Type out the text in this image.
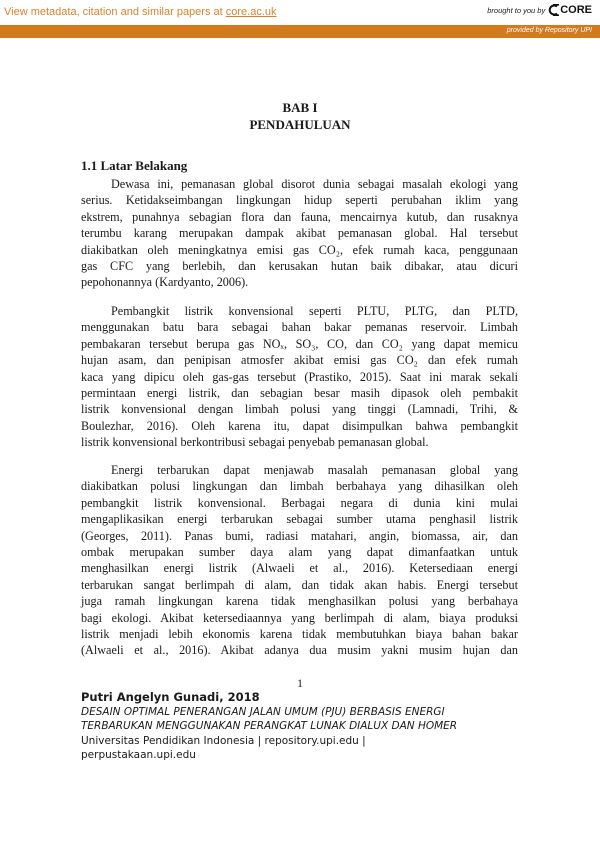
View metadata, citation and similar papers at core.ac.uk	brought to you by CORE
provided by Repository UPI
BAB I
PENDAHULUAN
1.1 Latar Belakang
Dewasa ini, pemanasan global disorot dunia sebagai masalah ekologi yang
serius. Ketidakseimbangan lingkungan hidup seperti perubahan iklim yang
ekstrem, punahnya sebagian flora dan fauna, mencairnya kutub, dan rusaknya
terumbu karang merupakan dampak akibat pemanasan global. Hal tersebut
diakibatkan oleh meningkatnya emisi gas CO₂, efek rumah kaca, penggunaan
gas CFC yang berlebih, dan kerusakan hutan baik dibakar, atau dicuri
pepohonannya (Kardyanto, 2006).
Pembangkit listrik konvensional seperti PLTU, PLTG, dan PLTD,
menggunakan batu bara sebagai bahan bakar pemanas reservoir. Limbah
pembakaran tersebut berupa gas NOₓ, SO₃, CO, dan CO₂ yang dapat memicu
hujan asam, dan penipisan atmosfer akibat emisi gas CO₂ dan efek rumah
kaca yang dipicu oleh gas-gas tersebut (Prastiko, 2015). Saat ini marak sekali
permintaan energi listrik, dan sebagian besar masih dipasok oleh pembakit
listrik konvensional dengan limbah polusi yang tinggi (Lamnadi, Trihi, &
Boulezhar, 2016). Oleh karena itu, dapat disimpulkan bahwa pembangkit
listrik konvensional berkontribusi sebagai penyebab pemanasan global.
Energi terbarukan dapat menjawab masalah pemanasan global yang
diakibatkan polusi lingkungan dan limbah berbahaya yang dihasilkan oleh
pembangkit listrik konvensional. Berbagai negara di dunia kini mulai
mengaplikasikan energi terbarukan sebagai sumber utama penghasil listrik
(Georges, 2011). Panas bumi, radiasi matahari, angin, biomassa, air, dan
ombak merupakan sumber daya alam yang dapat dimanfaatkan untuk
menghasilkan energi listrik (Alwaeli et al., 2016). Ketersediaan energi
terbarukan sangat berlimpah di alam, dan tidak akan habis. Energi tersebut
juga ramah lingkungan karena tidak menghasilkan polusi yang berbahaya
bagi ekologi. Akibat ketersediaannya yang berlimpah di alam, biaya produksi
listrik menjadi lebih ekonomis karena tidak membutuhkan biaya bahan bakar
(Alwaeli et al., 2016). Akibat adanya dua musim yakni musim hujan dan
1
Putri Angelyn Gunadi, 2018
DESAIN OPTIMAL PENERANGAN JALAN UMUM (PJU) BERBASIS ENERGI
TERBARUKAN MENGGUNAKAN PERANGKAT LUNAK DIALUX DAN HOMER
Universitas Pendidikan Indonesia | repository.upi.edu |
perpustakaan.upi.edu
